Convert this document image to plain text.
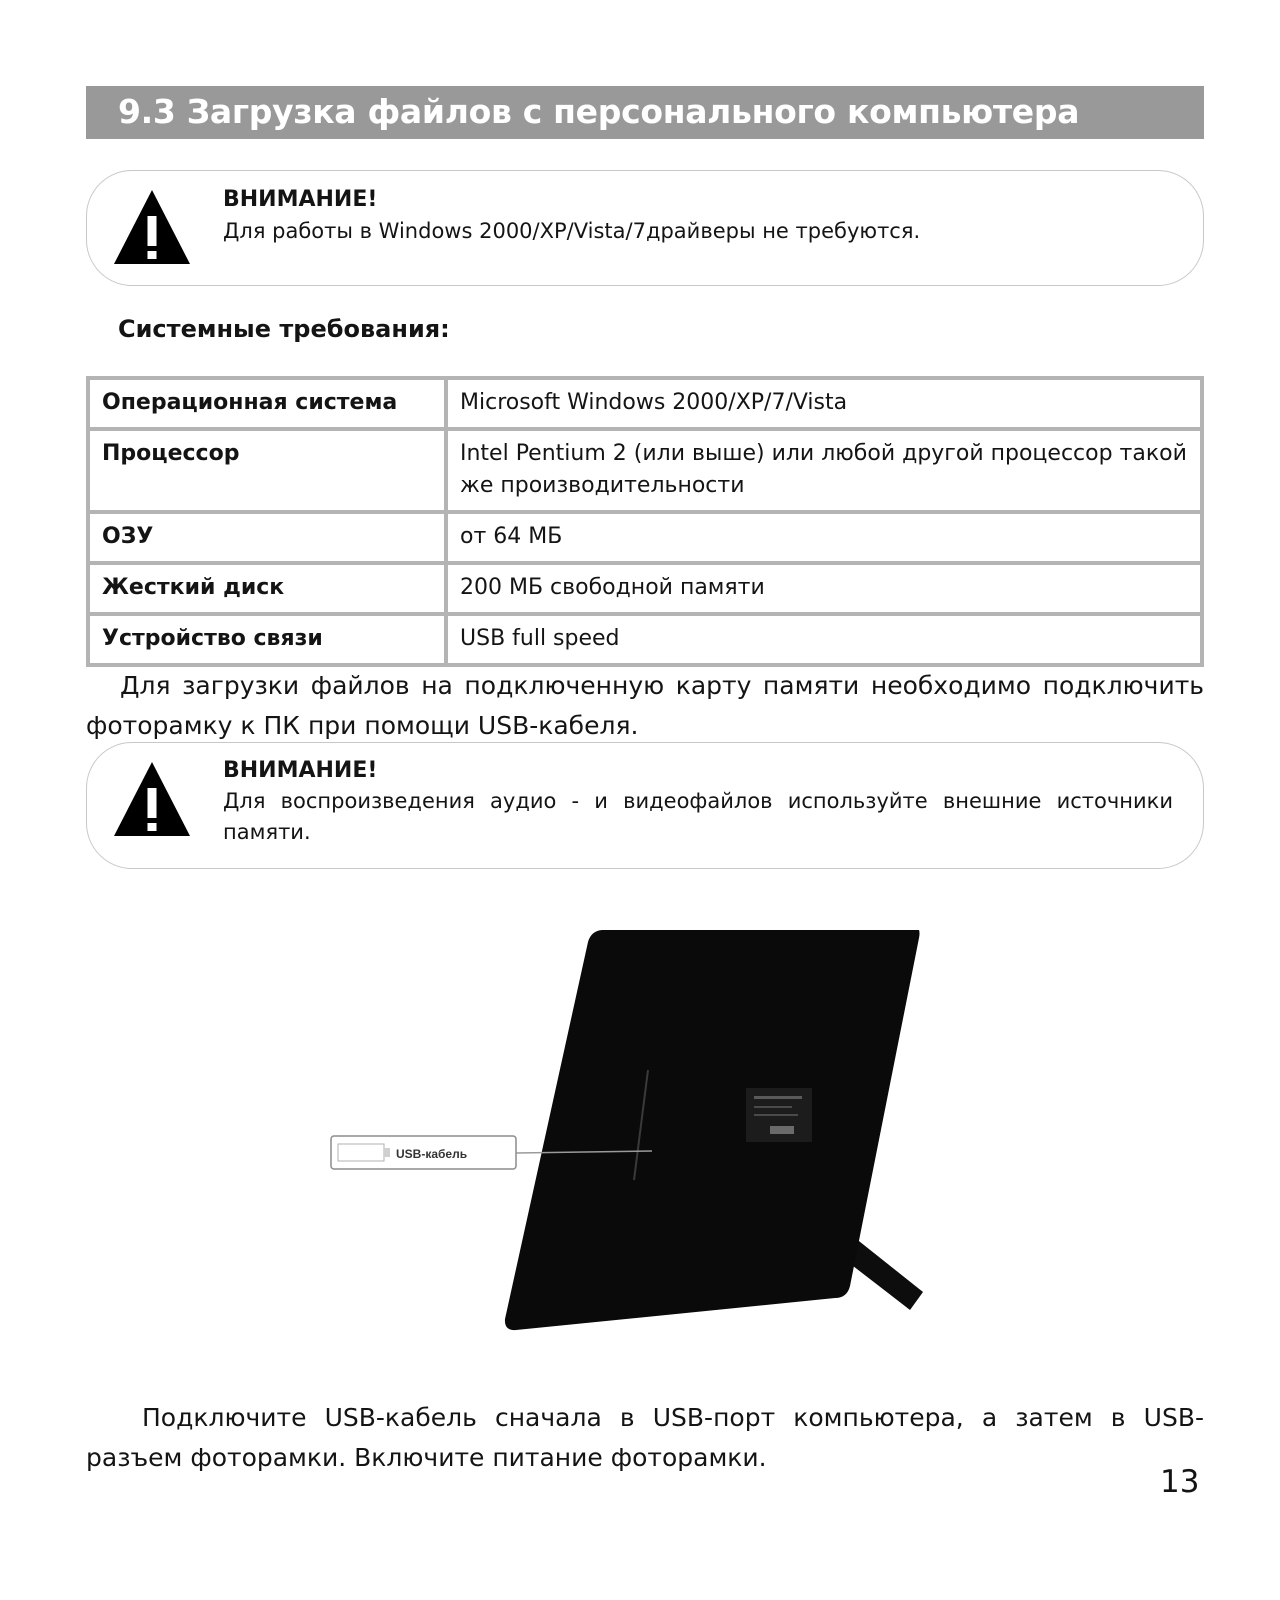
9.3 Загрузка файлов с персонального компьютера
ВНИМАНИЕ!
Для работы в Windows 2000/XP/Vista/7драйверы не требуются.
Системные требования:
Операционная система	Microsoft Windows 2000/XP/7/Vista
Процессор	Intel Pentium 2 (или выше) или любой другой процессор такой же производительности
ОЗУ	от 64 МБ
Жесткий диск	200 МБ свободной памяти
Устройство связи	USB full speed
Для загрузки файлов на подключенную карту памяти необходимо подключить фоторамку к ПК при помощи USB-кабеля.
ВНИМАНИЕ!
Для воспроизведения аудио - и видеофайлов используйте внешние источники памяти.
USB-кабель
Подключите USB-кабель сначала в USB-порт компьютера, а затем в USB-разъем фоторамки. Включите питание фоторамки.
13
